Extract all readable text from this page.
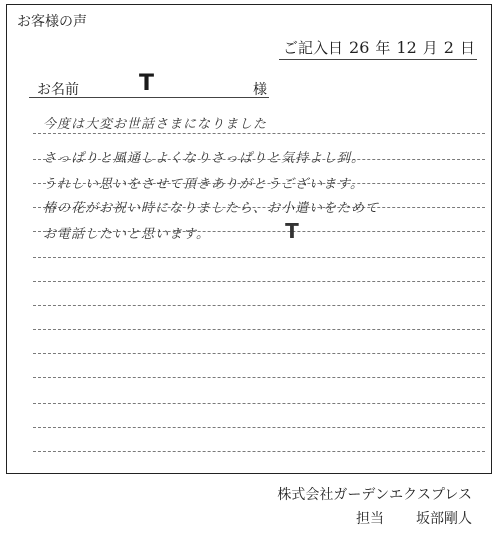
お客様の声
ご記入日 26 年 12 月 2 日
お名前	T	様
今度は大変お世話さまになりました
さっぱりと風通しよくなりさっぱりと気持よし到。
うれしい思いをさせて頂きありがとうございます。
椿の花がお祝い時になりましたら、お小遣いをためて
お電話したいと思います。	T
株式会社ガーデンエクスプレス
担当 坂部剛人
